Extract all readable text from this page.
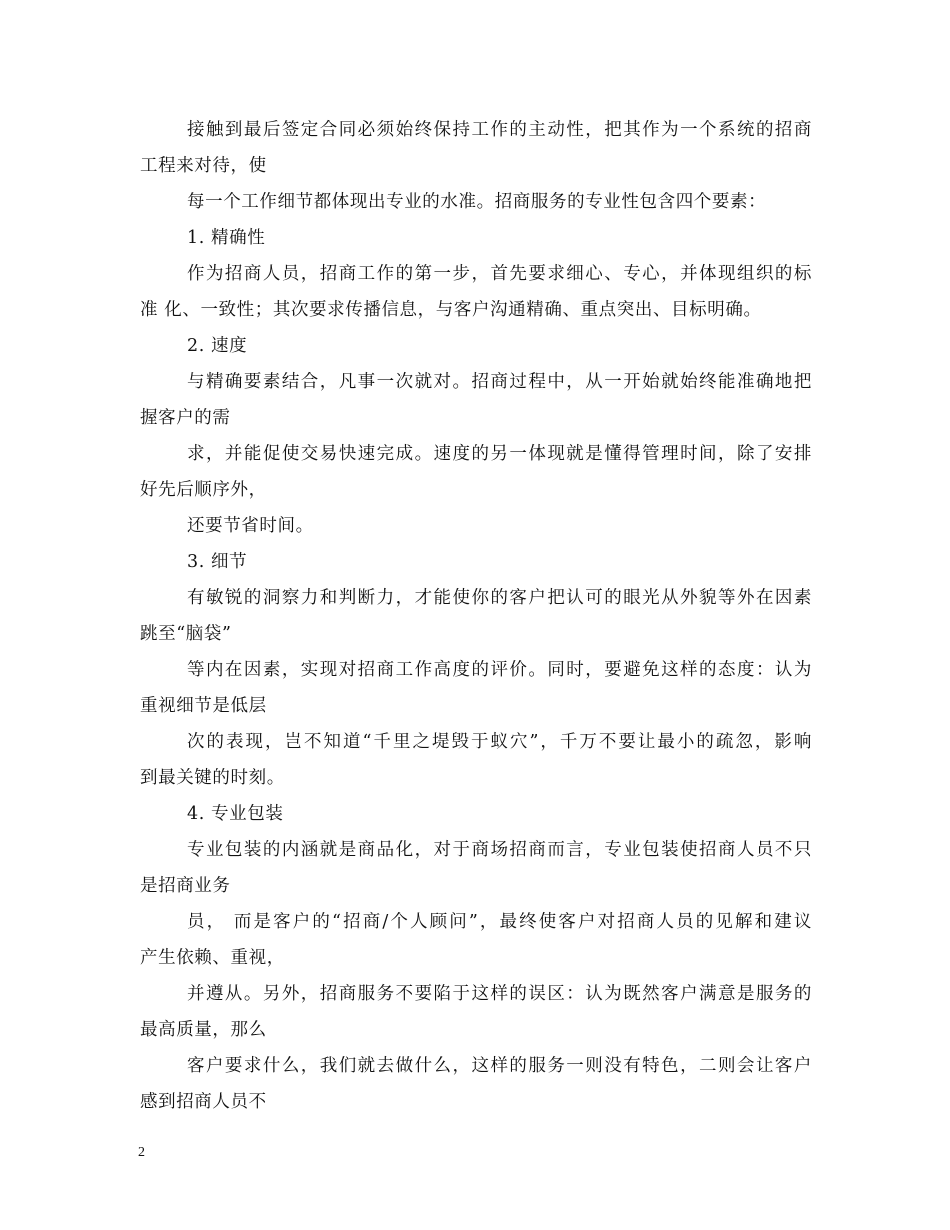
接触到最后签定合同必须始终保持工作的主动性，把其作为一个系统的招商
工程来对待，使
每一个工作细节都体现出专业的水准。招商服务的专业性包含四个要素：
1. 精确性
作为招商人员，招商工作的第一步，首先要求细心、专心，并体现组织的标
准 化、一致性；其次要求传播信息，与客户沟通精确、重点突出、目标明确。
2. 速度
与精确要素结合，凡事一次就对。招商过程中，从一开始就始终能准确地把
握客户的需
求，并能促使交易快速完成。速度的另一体现就是懂得管理时间，除了安排
好先后顺序外，
还要节省时间。
3. 细节
有敏锐的洞察力和判断力，才能使你的客户把认可的眼光从外貌等外在因素
跳至“脑袋”
等内在因素，实现对招商工作高度的评价。同时，要避免这样的态度：认为
重视细节是低层
次的表现，岂不知道“千里之堤毁于蚁穴”，千万不要让最小的疏忽，影响
到最关键的时刻。
4. 专业包装
专业包装的内涵就是商品化，对于商场招商而言，专业包装使招商人员不只
是招商业务
员， 而是客户的“招商/个人顾问”，最终使客户对招商人员的见解和建议
产生依赖、重视，
并遵从。另外，招商服务不要陷于这样的误区：认为既然客户满意是服务的
最高质量，那么
客户要求什么，我们就去做什么，这样的服务一则没有特色，二则会让客户
感到招商人员不
2
